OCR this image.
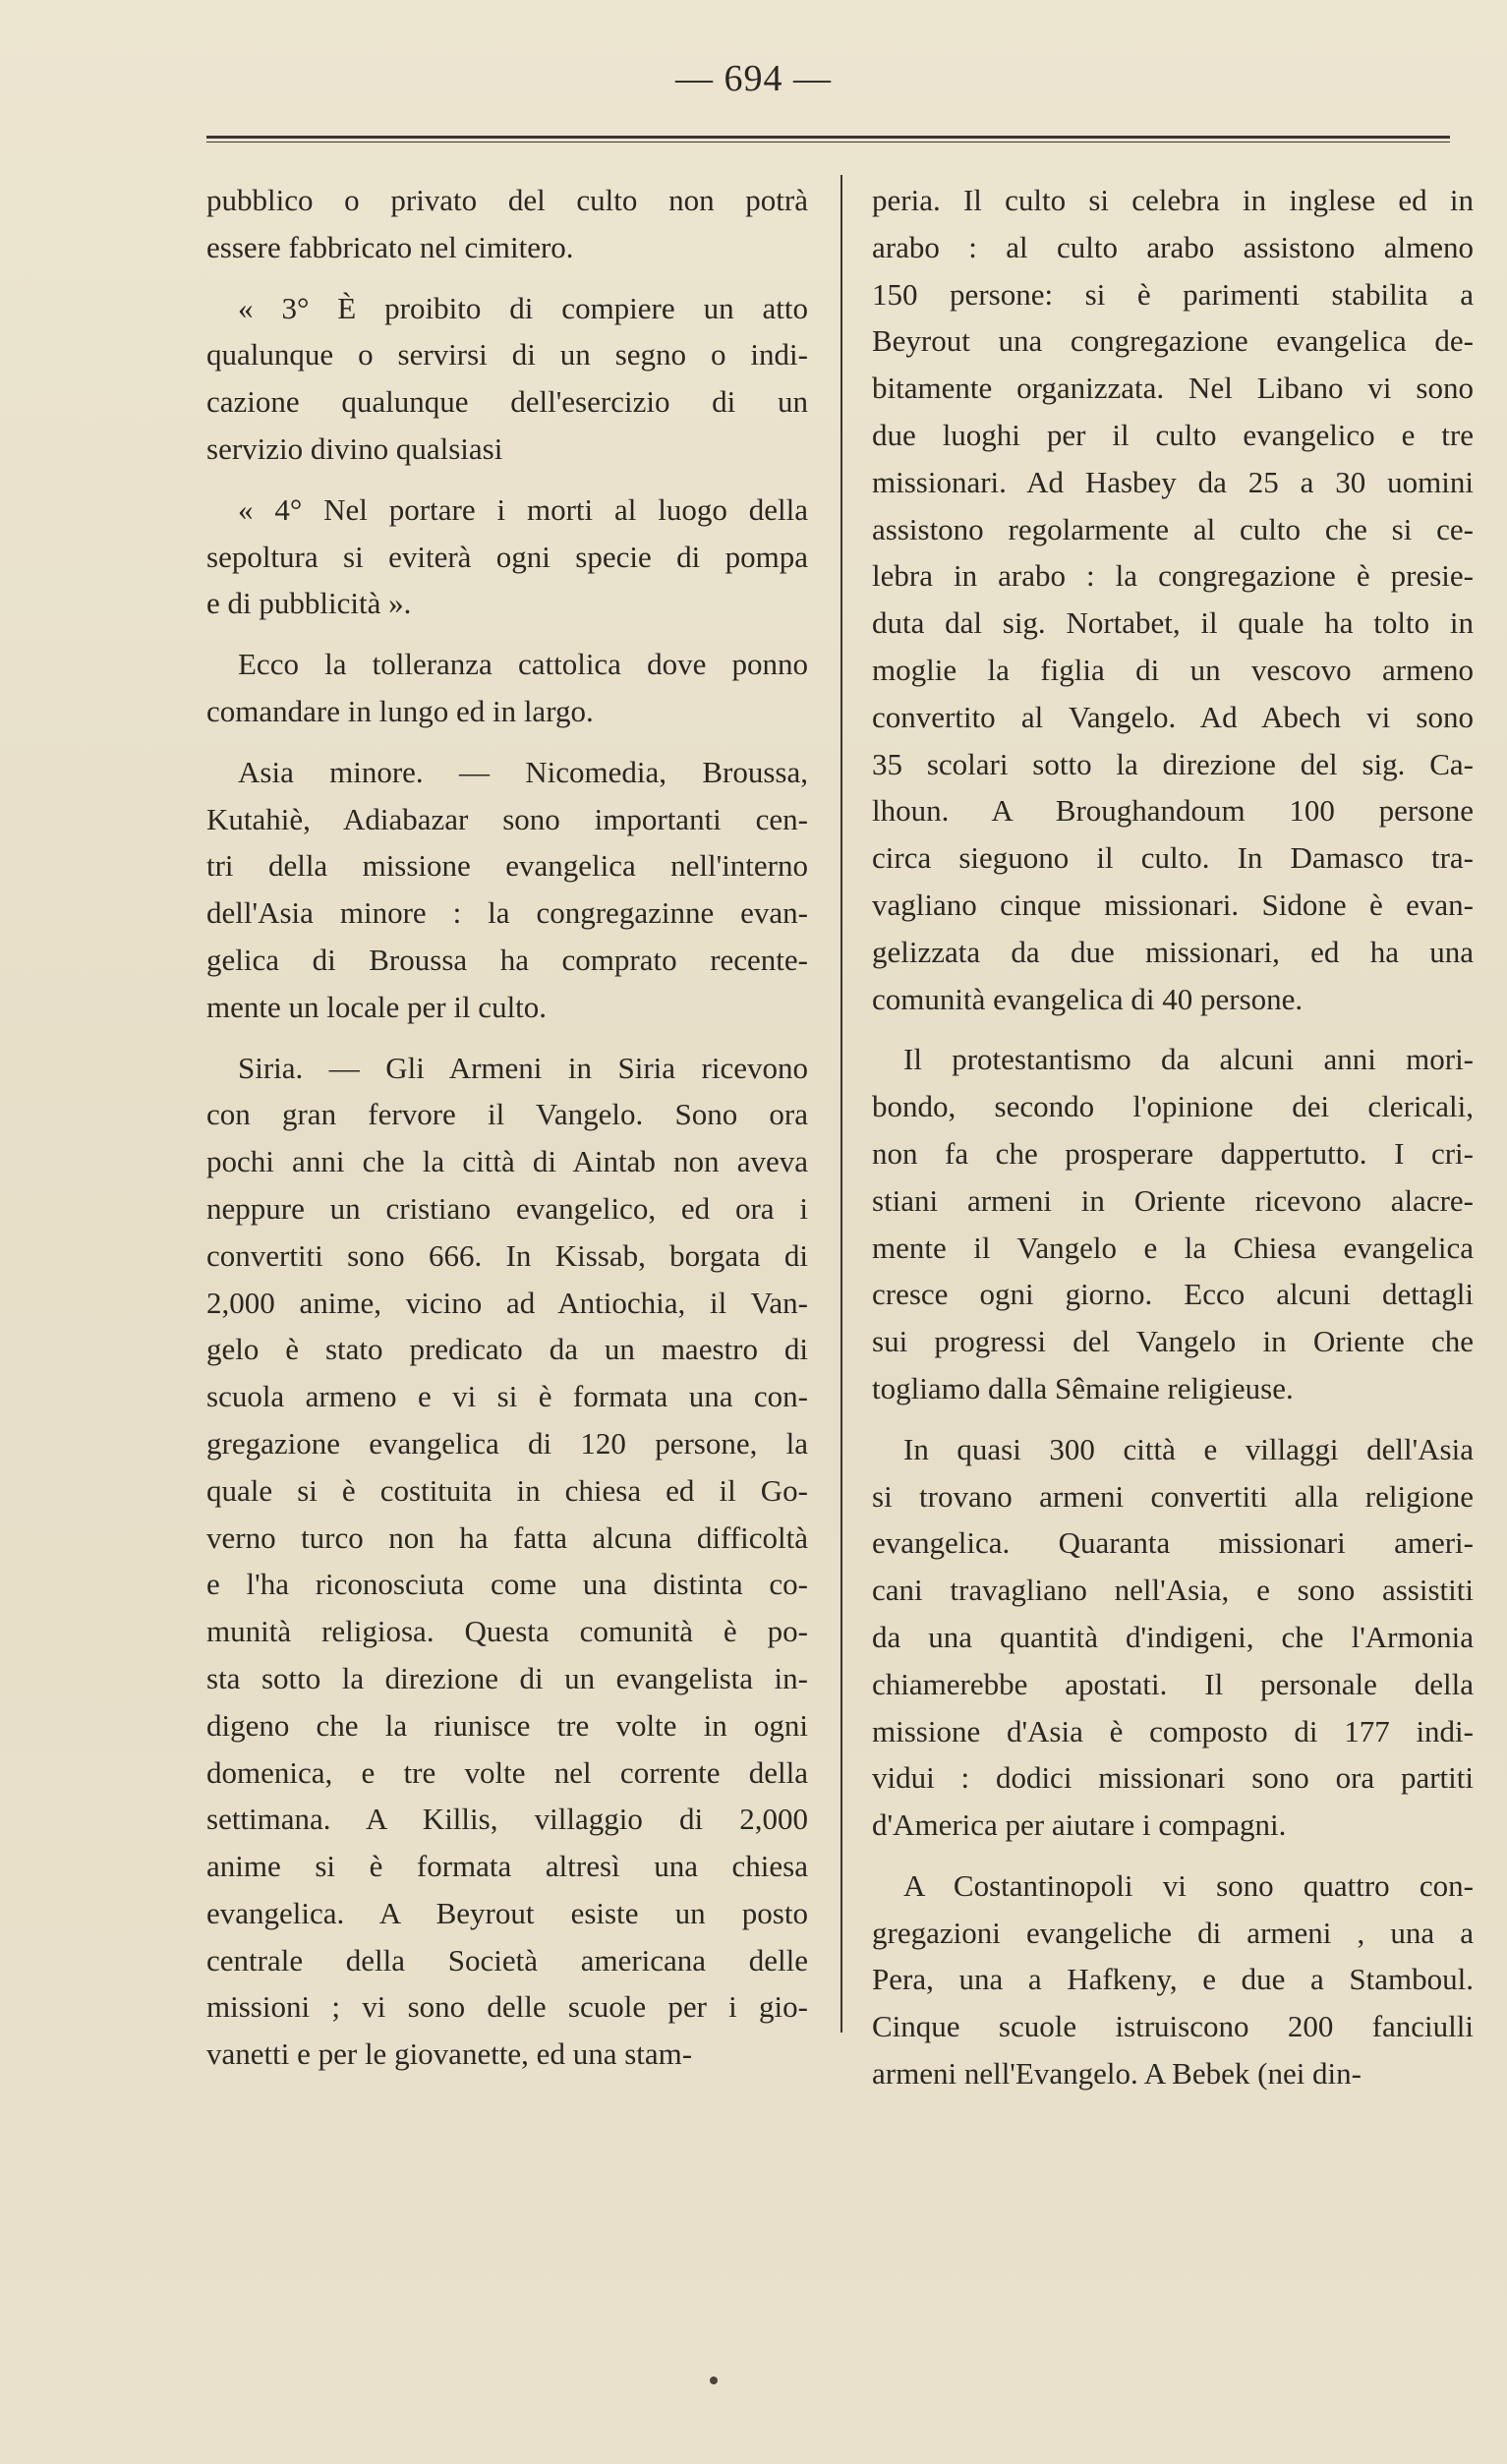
— 694 —

pubblico o privato del culto non potrà
essere fabbricato nel cimitero.

« 3° È proibito di compiere un atto
qualunque o servirsi di un segno o indi-
cazione qualunque dell'esercizio di un
servizio divino qualsiasi

« 4° Nel portare i morti al luogo della
sepoltura si eviterà ogni specie di pompa
e di pubblicità ».

Ecco la tolleranza cattolica dove ponno
comandare in lungo ed in largo.

Asia minore. — Nicomedia, Broussa,
Kutahiè, Adiabazar sono importanti cen-
tri della missione evangelica nell'interno
dell'Asia minore : la congregazinne evan-
gelica di Broussa ha comprato recente-
mente un locale per il culto.

Siria. — Gli Armeni in Siria ricevono
con gran fervore il Vangelo. Sono ora
pochi anni che la città di Aintab non aveva
neppure un cristiano evangelico, ed ora i
convertiti sono 666. In Kissab, borgata di
2,000 anime, vicino ad Antiochia, il Van-
gelo è stato predicato da un maestro di
scuola armeno e vi si è formata una con-
gregazione evangelica di 120 persone, la
quale si è costituita in chiesa ed il Go-
verno turco non ha fatta alcuna difficoltà
e l'ha riconosciuta come una distinta co-
munità religiosa. Questa comunità è po-
sta sotto la direzione di un evangelista in-
digeno che la riunisce tre volte in ogni
domenica, e tre volte nel corrente della
settimana. A Killis, villaggio di 2,000
anime si è formata altresì una chiesa
evangelica. A Beyrout esiste un posto
centrale della Società americana delle
missioni ; vi sono delle scuole per i gio-
vanetti e per le giovanette, ed una stam-

peria. Il culto si celebra in inglese ed in
arabo : al culto arabo assistono almeno
150 persone: si è parimenti stabilita a
Beyrout una congregazione evangelica de-
bitamente organizzata. Nel Libano vi sono
due luoghi per il culto evangelico e tre
missionari. Ad Hasbey da 25 a 30 uomini
assistono regolarmente al culto che si ce-
lebra in arabo : la congregazione è presie-
duta dal sig. Nortabet, il quale ha tolto in
moglie la figlia di un vescovo armeno
convertito al Vangelo. Ad Abech vi sono
35 scolari sotto la direzione del sig. Ca-
lhoun. A Broughandoum 100 persone
circa sieguono il culto. In Damasco tra-
vagliano cinque missionari. Sidone è evan-
gelizzata da due missionari, ed ha una
comunità evangelica di 40 persone.

Il protestantismo da alcuni anni mori-
bondo, secondo l'opinione dei clericali,
non fa che prosperare dappertutto. I cri-
stiani armeni in Oriente ricevono alacre-
mente il Vangelo e la Chiesa evangelica
cresce ogni giorno. Ecco alcuni dettagli
sui progressi del Vangelo in Oriente che
togliamo dalla Sêmaine religieuse.

In quasi 300 città e villaggi dell'Asia
si trovano armeni convertiti alla religione
evangelica. Quaranta missionari ameri-
cani travagliano nell'Asia, e sono assistiti
da una quantità d'indigeni, che l'Armonia
chiamerebbe apostati. Il personale della
missione d'Asia è composto di 177 indi-
vidui : dodici missionari sono ora partiti
d'America per aiutare i compagni.

A Costantinopoli vi sono quattro con-
gregazioni evangeliche di armeni , una a
Pera, una a Hafkeny, e due a Stamboul.
Cinque scuole istruiscono 200 fanciulli
armeni nell'Evangelo. A Bebek (nei din-
